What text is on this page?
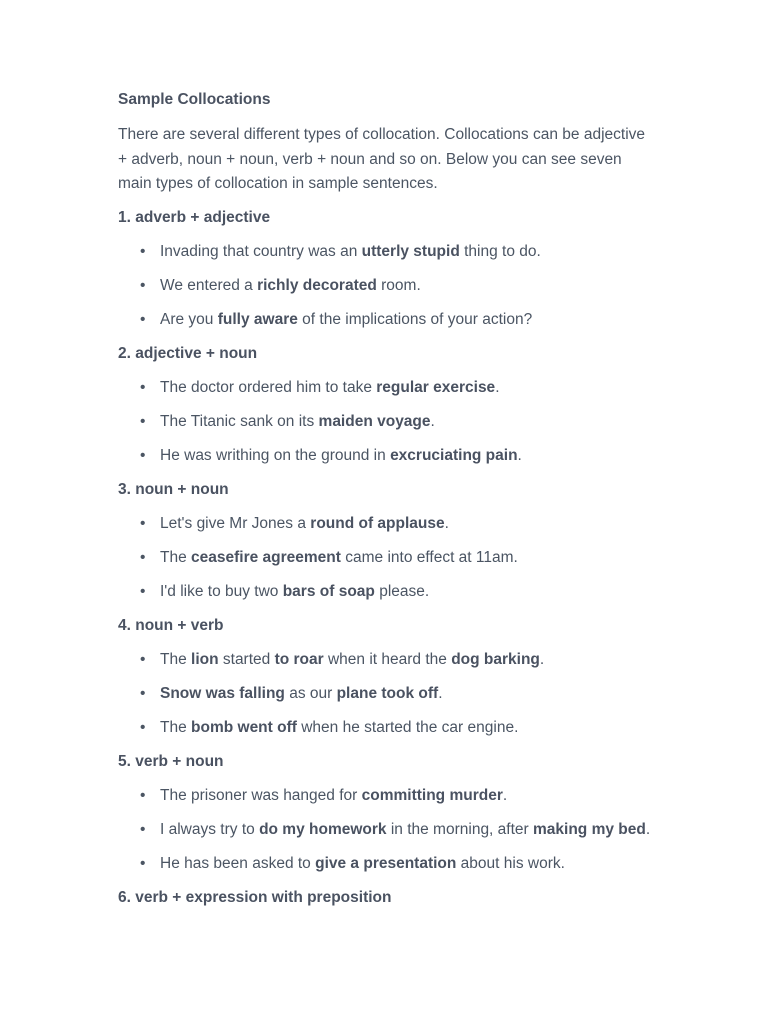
Sample Collocations

There are several different types of collocation. Collocations can be adjective + adverb, noun + noun, verb + noun and so on. Below you can see seven main types of collocation in sample sentences.

1. adverb + adjective
• Invading that country was an utterly stupid thing to do.
• We entered a richly decorated room.
• Are you fully aware of the implications of your action?
2. adjective + noun
• The doctor ordered him to take regular exercise.
• The Titanic sank on its maiden voyage.
• He was writhing on the ground in excruciating pain.
3. noun + noun
• Let's give Mr Jones a round of applause.
• The ceasefire agreement came into effect at 11am.
• I'd like to buy two bars of soap please.
4. noun + verb
• The lion started to roar when it heard the dog barking.
• Snow was falling as our plane took off.
• The bomb went off when he started the car engine.
5. verb + noun
• The prisoner was hanged for committing murder.
• I always try to do my homework in the morning, after making my bed.
• He has been asked to give a presentation about his work.
6. verb + expression with preposition
